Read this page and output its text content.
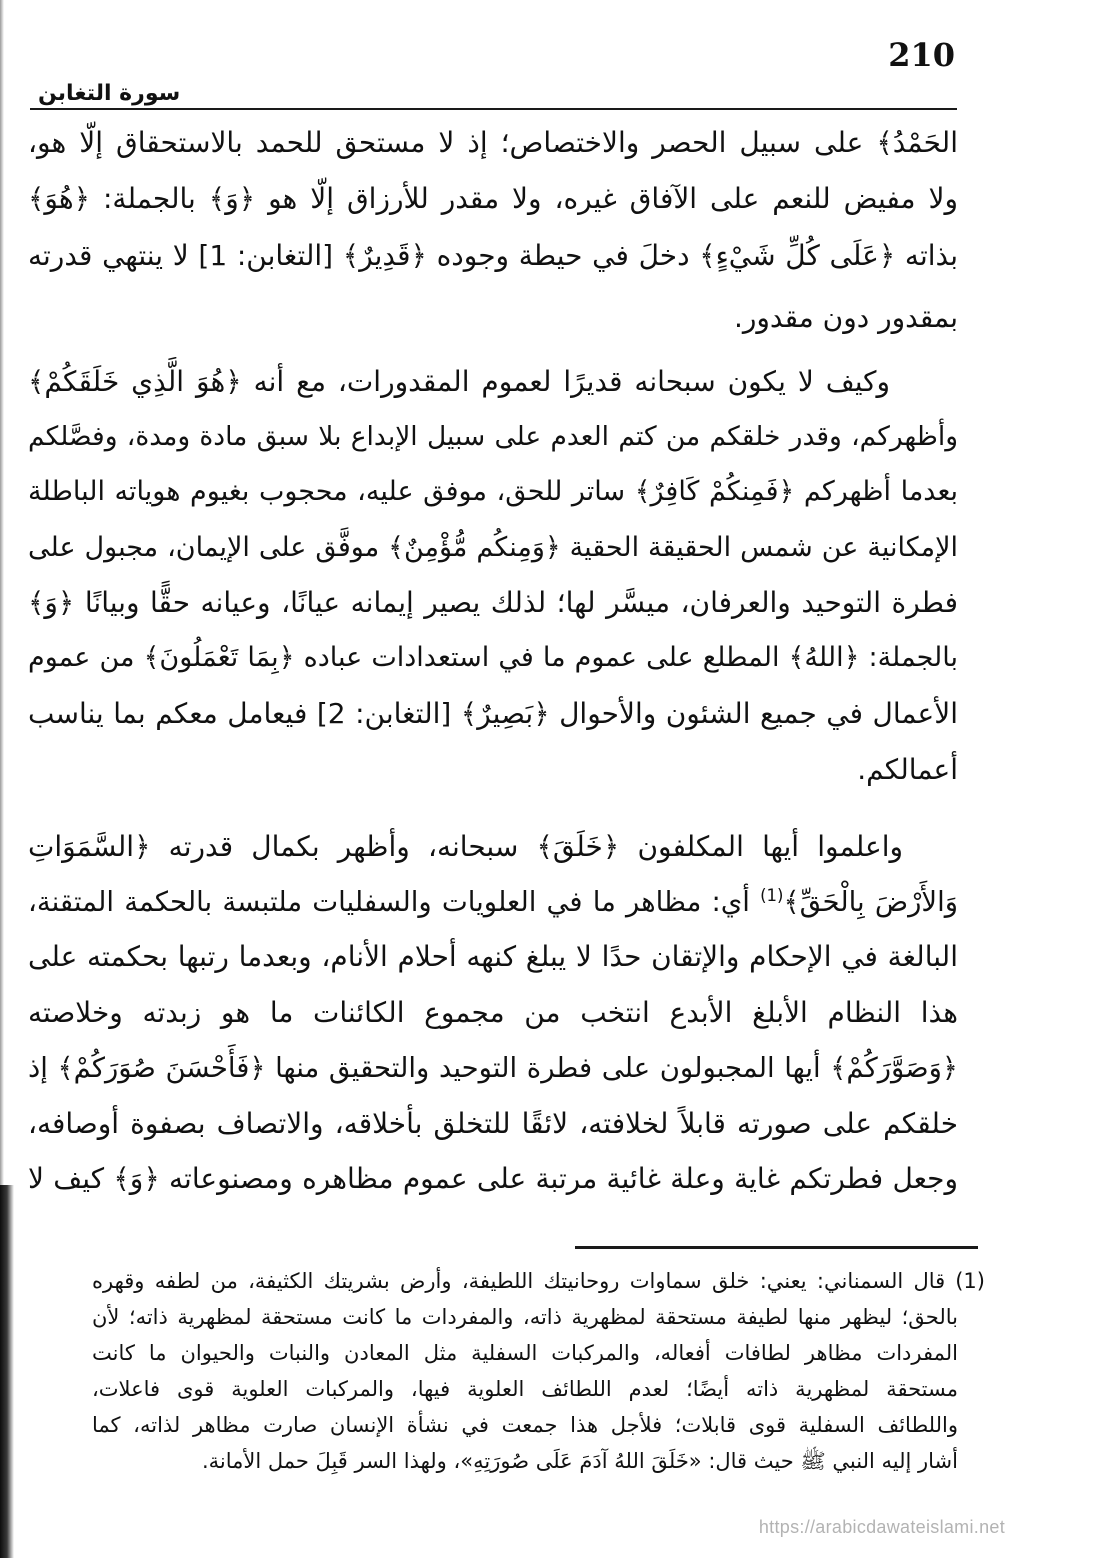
210
سورة التغابن
الحَمْدُ﴾ على سبيل الحصر والاختصاص؛ إذ لا مستحق للحمد بالاستحقاق إلّا هو،
ولا مفيض للنعم على الآفاق غيره، ولا مقدر للأرزاق إلّا هو ﴿وَ﴾ بالجملة: ﴿هُوَ﴾
بذاته ﴿عَلَى كُلِّ شَيْءٍ﴾ دخلَ في حيطة وجوده ﴿قَدِيرٌ﴾ [التغابن: 1] لا ينتهي قدرته
بمقدور دون مقدور.
وكيف لا يكون سبحانه قديرًا لعموم المقدورات، مع أنه ﴿هُوَ الَّذِي خَلَقَكُمْ﴾
وأظهركم، وقدر خلقكم من كتم العدم على سبيل الإبداع بلا سبق مادة ومدة، وفصَّلكم
بعدما أظهركم ﴿فَمِنكُمْ كَافِرٌ﴾ ساتر للحق، موفق عليه، محجوب بغيوم هوياته الباطلة
الإمكانية عن شمس الحقيقة الحقية ﴿وَمِنكُم مُّؤْمِنٌ﴾ موفَّق على الإيمان، مجبول على
فطرة التوحيد والعرفان، ميسَّر لها؛ لذلك يصير إيمانه عيانًا، وعيانه حقًّا وبيانًا ﴿وَ﴾
بالجملة: ﴿اللهُ﴾ المطلع على عموم ما في استعدادات عباده ﴿بِمَا تَعْمَلُونَ﴾ من عموم
الأعمال في جميع الشئون والأحوال ﴿بَصِيرٌ﴾ [التغابن: 2] فيعامل معكم بما يناسب
أعمالكم.
واعلموا أيها المكلفون ﴿خَلَقَ﴾ سبحانه، وأظهر بكمال قدرته ﴿السَّمَوَاتِ
وَالأَرْضَ بِالْحَقِّ﴾$^{(1)}$ أي: مظاهر ما في العلويات والسفليات ملتبسة بالحكمة المتقنة،
البالغة في الإحكام والإتقان حدًا لا يبلغ كنهه أحلام الأنام، وبعدما رتبها بحكمته على
هذا النظام الأبلغ الأبدع انتخب من مجموع الكائنات ما هو زبدته وخلاصته
﴿وَصَوَّرَكُمْ﴾ أيها المجبولون على فطرة التوحيد والتحقيق منها ﴿فَأَحْسَنَ صُوَرَكُمْ﴾ إذ
خلقكم على صورته قابلاً لخلافته، لائقًا للتخلق بأخلاقه، والاتصاف بصفوة أوصافه،
وجعل فطرتكم غاية وعلة غائية مرتبة على عموم مظاهره ومصنوعاته ﴿وَ﴾ كيف لا
(1)قال السمناني: يعني: خلق سماوات روحانيتك اللطيفة، وأرض بشريتك الكثيفة، من لطفه وقهره
بالحق؛ ليظهر منها لطيفة مستحقة لمظهرية ذاته، والمفردات ما كانت مستحقة لمظهرية ذاته؛ لأن
المفردات مظاهر لطافات أفعاله، والمركبات السفلية مثل المعادن والنبات والحيوان ما كانت
مستحقة لمظهرية ذاته أيضًا؛ لعدم اللطائف العلوية فيها، والمركبات العلوية قوى فاعلات،
واللطائف السفلية قوى قابلات؛ فلأجل هذا جمعت في نشأة الإنسان صارت مظاهر لذاته، كما
أشار إليه النبي ﷺ حيث قال: «خَلَقَ اللهُ آدَمَ عَلَى صُورَتِهِ»، ولهذا السر قَبِلَ حمل الأمانة.
https://arabicdawateislami.net
